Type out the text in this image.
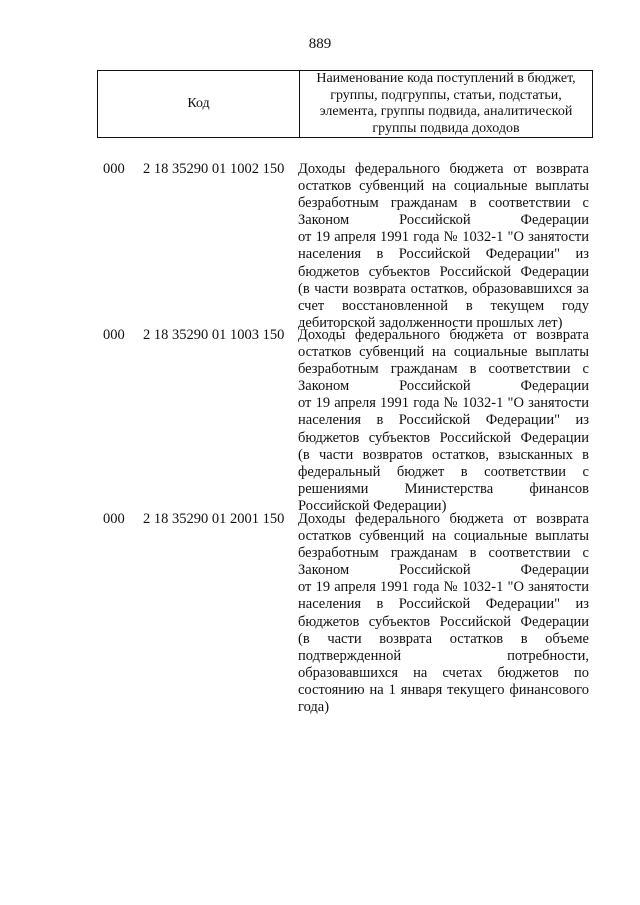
889
Код	Наименование кода поступлений в бюджет, группы, подгруппы, статьи, подстатьи, элемента, группы подвида, аналитической группы подвида доходов
000 2 18 35290 01 1002 150 Доходы федерального бюджета от возврата
остатков субвенций на социальные выплаты
безработным гражданам в соответствии с
Законом Российской Федерации
от 19 апреля 1991 года № 1032-1 "О занятости
населения в Российской Федерации" из
бюджетов субъектов Российской Федерации
(в части возврата остатков, образовавшихся за
счет восстановленной в текущем году
дебиторской задолженности прошлых лет)
000 2 18 35290 01 1003 150 Доходы федерального бюджета от возврата
остатков субвенций на социальные выплаты
безработным гражданам в соответствии с
Законом Российской Федерации
от 19 апреля 1991 года № 1032-1 "О занятости
населения в Российской Федерации" из
бюджетов субъектов Российской Федерации
(в части возвратов остатков, взысканных в
федеральный бюджет в соответствии с
решениями Министерства финансов
Российской Федерации)
000 2 18 35290 01 2001 150 Доходы федерального бюджета от возврата
остатков субвенций на социальные выплаты
безработным гражданам в соответствии с
Законом Российской Федерации
от 19 апреля 1991 года № 1032-1 "О занятости
населения в Российской Федерации" из
бюджетов субъектов Российской Федерации
(в части возврата остатков в объеме
подтвержденной потребности,
образовавшихся на счетах бюджетов по
состоянию на 1 января текущего финансового
года)
